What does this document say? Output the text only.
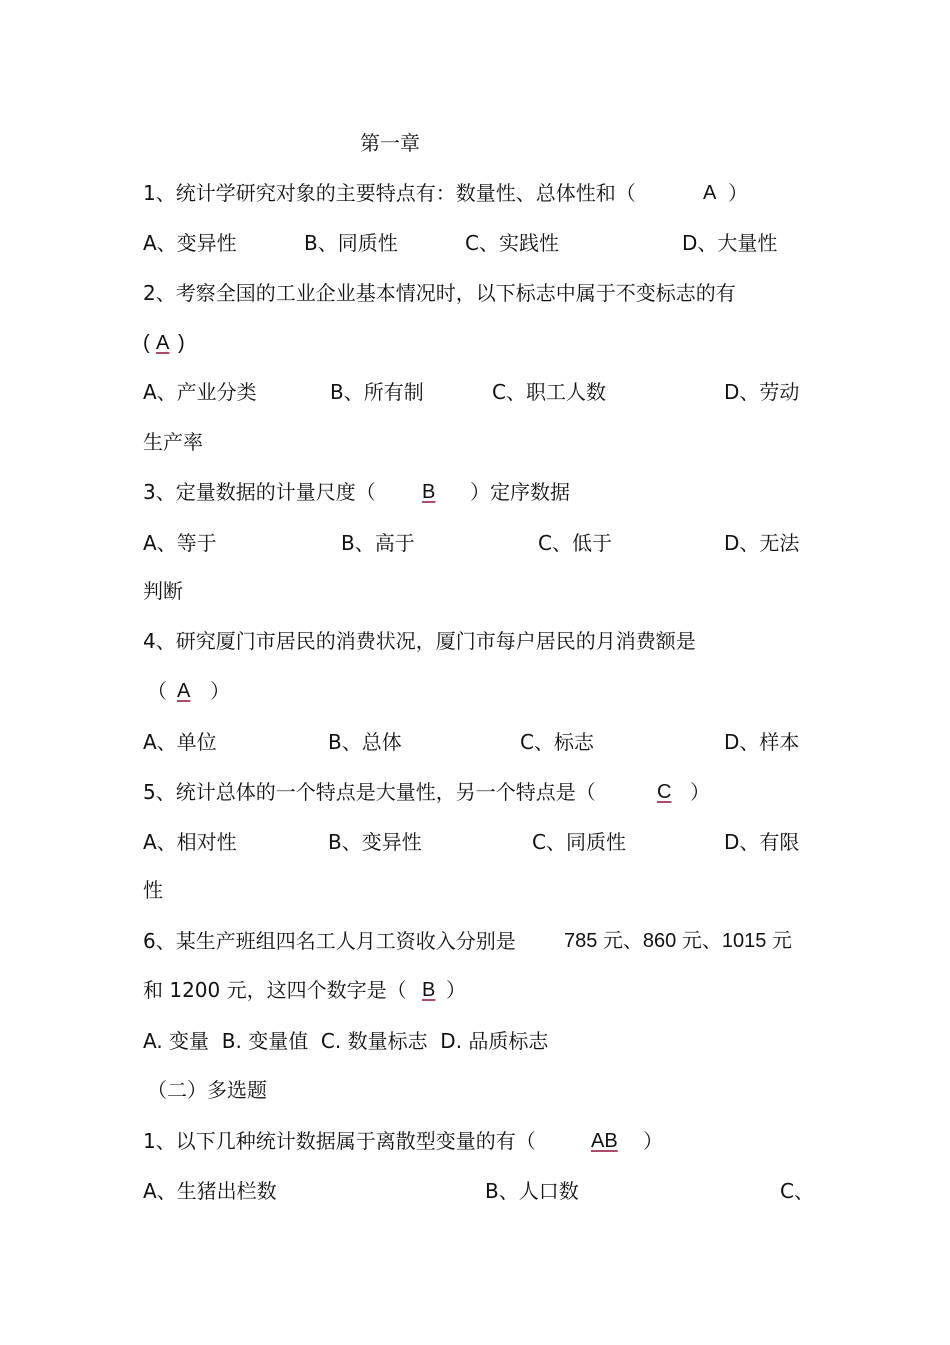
第一章
1、统计学研究对象的主要特点有：数量性、总体性和（	A ）
A、变异性	B、同质性	C、实践性	D、大量性
2、考察全国的工业企业基本情况时，以下标志中属于不变标志的有
( A )
A、产业分类	B、所有制	C、职工人数	D、劳动
生产率
3、定量数据的计量尺度（ B ）定序数据
A、等于	B、高于	C、低于	D、无法
判断
4、研究厦门市居民的消费状况，厦门市每户居民的月消费额是
（ A ）
A、单位	B、总体	C、标志	D、样本
5、统计总体的一个特点是大量性，另一个特点是（	C ）
A、相对性	B、变异性	C、同质性	D、有限
性
6、某生产班组四名工人月工资收入分别是 785 元、860 元、1015 元
和 1200 元，这四个数字是（ B ）
A. 变量  B. 变量值  C. 数量标志  D. 品质标志
（二）多选题
1、以下几种统计数据属于离散型变量的有（	AB ）
A、生猪出栏数	B、人口数	C、
